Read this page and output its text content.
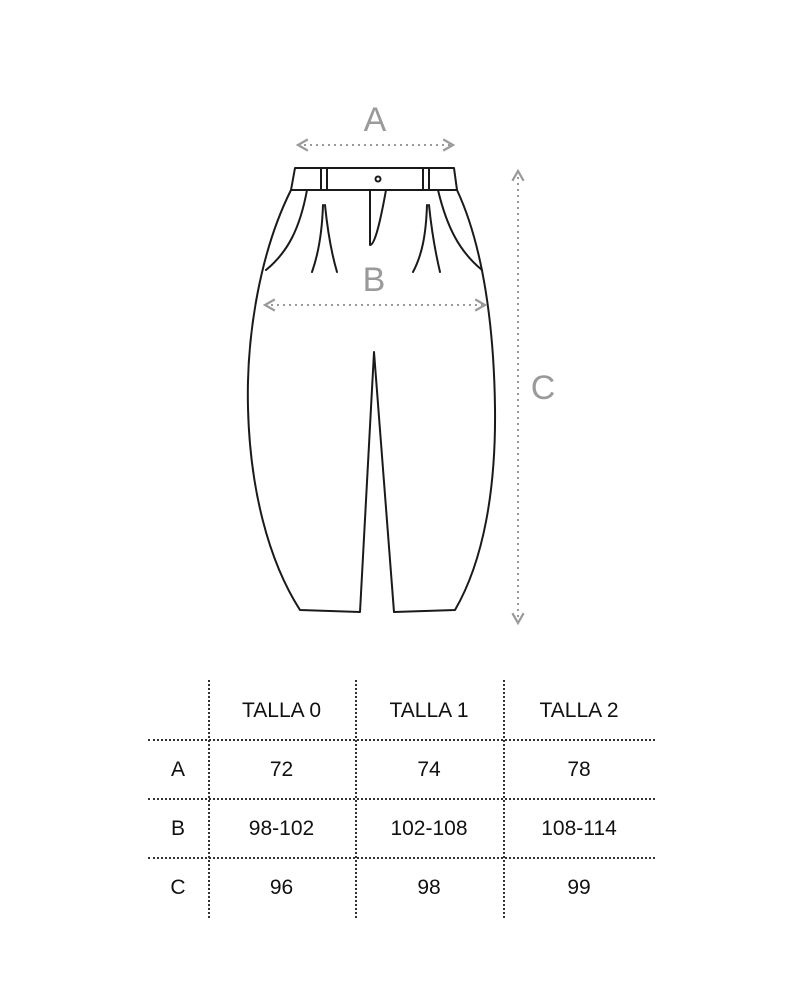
A
B
C
TALLA 0	TALLA 1	TALLA 2
A	72	74	78
B	98-102	102-108	108-114
C	96	98	99
